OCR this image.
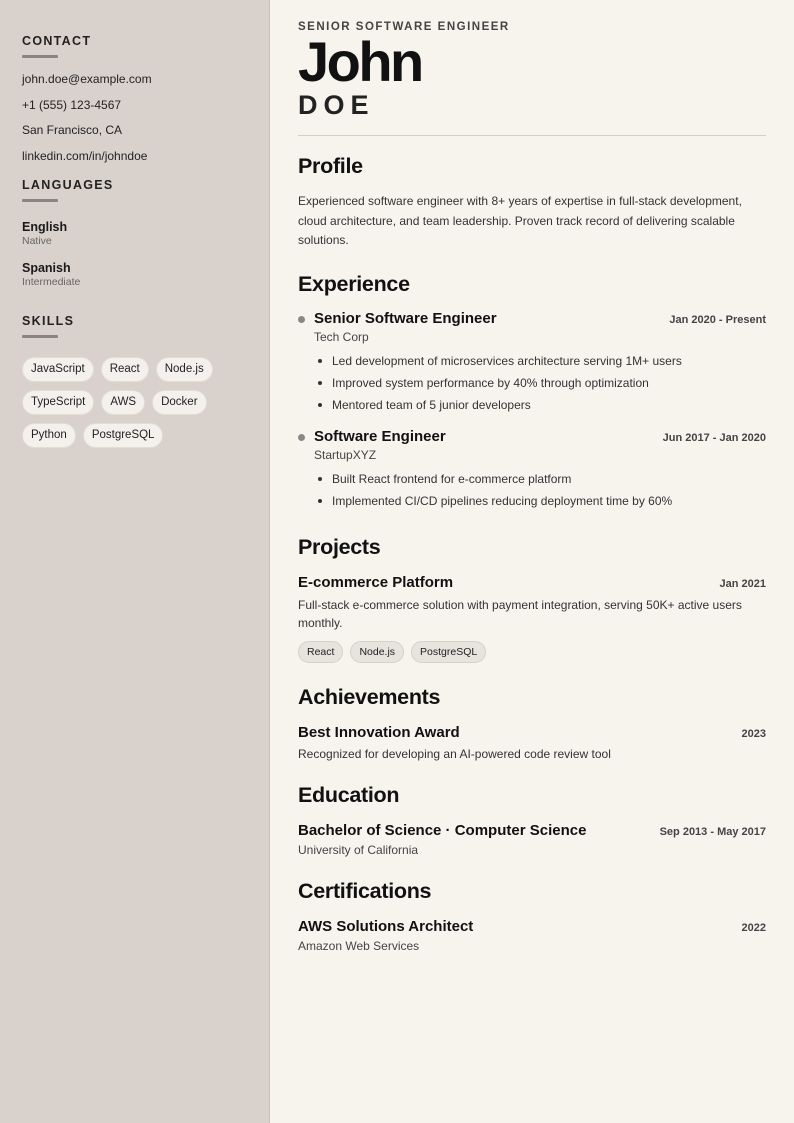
CONTACT
john.doe@example.com
+1 (555) 123-4567
San Francisco, CA
linkedin.com/in/johndoe
LANGUAGES
English
Native
Spanish
Intermediate
SKILLS
JavaScript	React	Node.js
TypeScript	AWS	Docker
Python	PostgreSQL
SENIOR SOFTWARE ENGINEER
John
DOE
Profile

Experienced software engineer with 8+ years of expertise in full-stack development, cloud architecture, and team leadership. Proven track record of delivering scalable solutions.

Experience
Senior Software Engineer	Jan 2020 - Present
Tech Corp
Led development of microservices architecture serving 1M+ users
Improved system performance by 40% through optimization
Mentored team of 5 junior developers
Software Engineer	Jun 2017 - Jan 2020
StartupXYZ
Built React frontend for e-commerce platform
Implemented CI/CD pipelines reducing deployment time by 60%
Projects
E-commerce Platform	Jan 2021

Full-stack e-commerce solution with payment integration, serving 50K+ active users monthly.

React	Node.js	PostgreSQL
Achievements
Best Innovation Award	2023

Recognized for developing an AI-powered code review tool

Education
Bachelor of Science · Computer Science	Sep 2013 - May 2017
University of California
Certifications
AWS Solutions Architect	2022
Amazon Web Services
